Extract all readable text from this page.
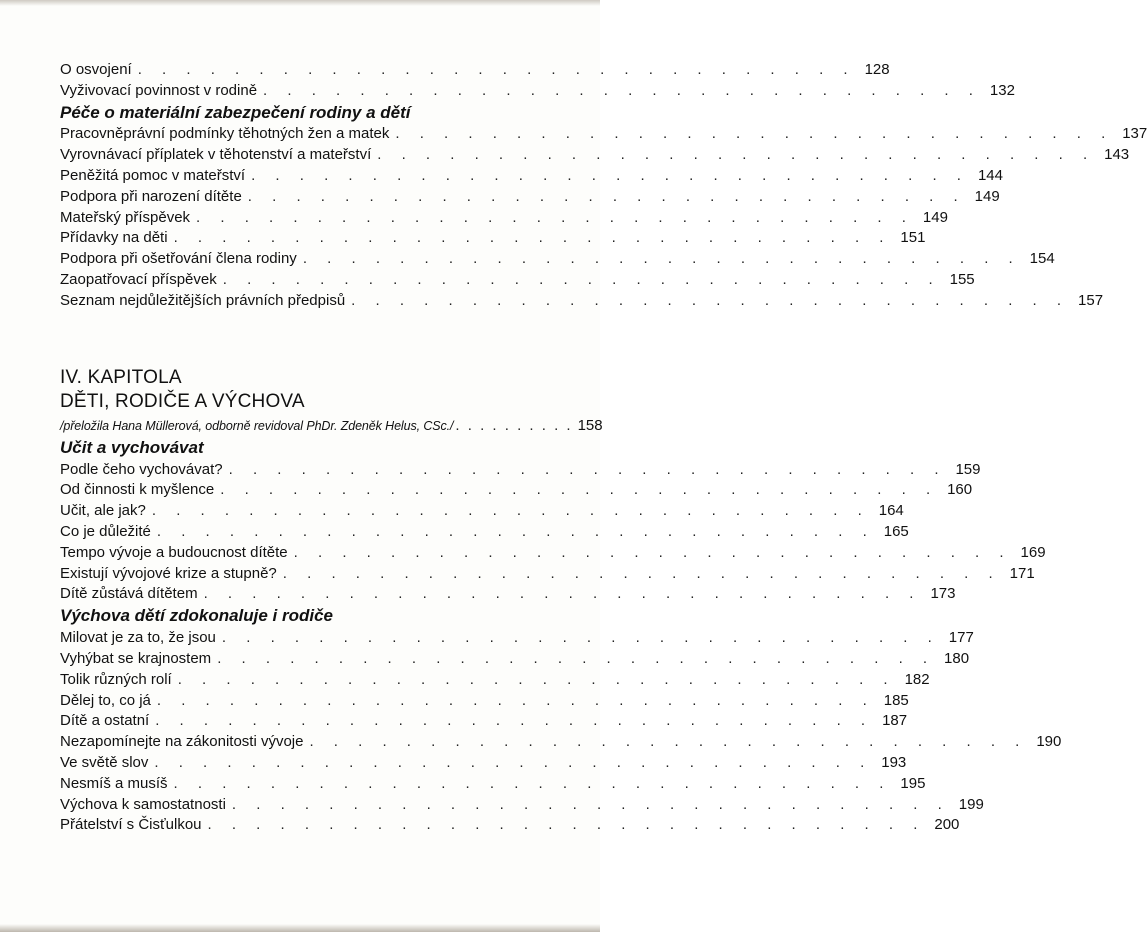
O osvojení . . . . . . . . . . . . . . . . . . . . . . . . . . . . . . 128
Vyživovací povinnost v rodině . . . . . . . . . . . . . . . . . . . . . . . . . . . . . . 132
Péče o materiální zabezpečení rodiny a dětí
Pracovněprávní podmínky těhotných žen a matek . . . . . . . . . . . . . . . . . . . . . . . . . . . . . . 137
Vyrovnávací příplatek v těhotenství a mateřství . . . . . . . . . . . . . . . . . . . . . . . . . . . . . . 143
Peněžitá pomoc v mateřství . . . . . . . . . . . . . . . . . . . . . . . . . . . . . . 144
Podpora při narození dítěte . . . . . . . . . . . . . . . . . . . . . . . . . . . . . . 149
Mateřský příspěvek . . . . . . . . . . . . . . . . . . . . . . . . . . . . . . 149
Přídavky na děti . . . . . . . . . . . . . . . . . . . . . . . . . . . . . . 151
Podpora při ošetřování člena rodiny . . . . . . . . . . . . . . . . . . . . . . . . . . . . . . 154
Zaopatřovací příspěvek . . . . . . . . . . . . . . . . . . . . . . . . . . . . . . 155
Seznam nejdůležitějších právních předpisů . . . . . . . . . . . . . . . . . . . . . . . . . . . . . . 157
IV. KAPITOLA
DĚTI, RODIČE A VÝCHOVA
/přeložila Hana Müllerová, odborně revidoval PhDr. Zdeněk Helus, CSc./ . . . . . . . . . . 158
Učit a vychovávat
Podle čeho vychovávat? . . . . . . . . . . . . . . . . . . . . . . . . . . . . . . 159
Od činnosti k myšlence . . . . . . . . . . . . . . . . . . . . . . . . . . . . . . 160
Učit, ale jak? . . . . . . . . . . . . . . . . . . . . . . . . . . . . . . 164
Co je důležité . . . . . . . . . . . . . . . . . . . . . . . . . . . . . . 165
Tempo vývoje a budoucnost dítěte . . . . . . . . . . . . . . . . . . . . . . . . . . . . . . 169
Existují vývojové krize a stupně? . . . . . . . . . . . . . . . . . . . . . . . . . . . . . . 171
Dítě zůstává dítětem . . . . . . . . . . . . . . . . . . . . . . . . . . . . . . 173
Výchova dětí zdokonaluje i rodiče
Milovat je za to, že jsou . . . . . . . . . . . . . . . . . . . . . . . . . . . . . . 177
Vyhýbat se krajnostem . . . . . . . . . . . . . . . . . . . . . . . . . . . . . . 180
Tolik různých rolí . . . . . . . . . . . . . . . . . . . . . . . . . . . . . . 182
Dělej to, co já . . . . . . . . . . . . . . . . . . . . . . . . . . . . . . 185
Dítě a ostatní . . . . . . . . . . . . . . . . . . . . . . . . . . . . . . 187
Nezapomínejte na zákonitosti vývoje . . . . . . . . . . . . . . . . . . . . . . . . . . . . . . 190
Ve světě slov . . . . . . . . . . . . . . . . . . . . . . . . . . . . . . 193
Nesmíš a musíš . . . . . . . . . . . . . . . . . . . . . . . . . . . . . . 195
Výchova k samostatnosti . . . . . . . . . . . . . . . . . . . . . . . . . . . . . . 199
Přátelství s Čisťulkou . . . . . . . . . . . . . . . . . . . . . . . . . . . . . . 200
